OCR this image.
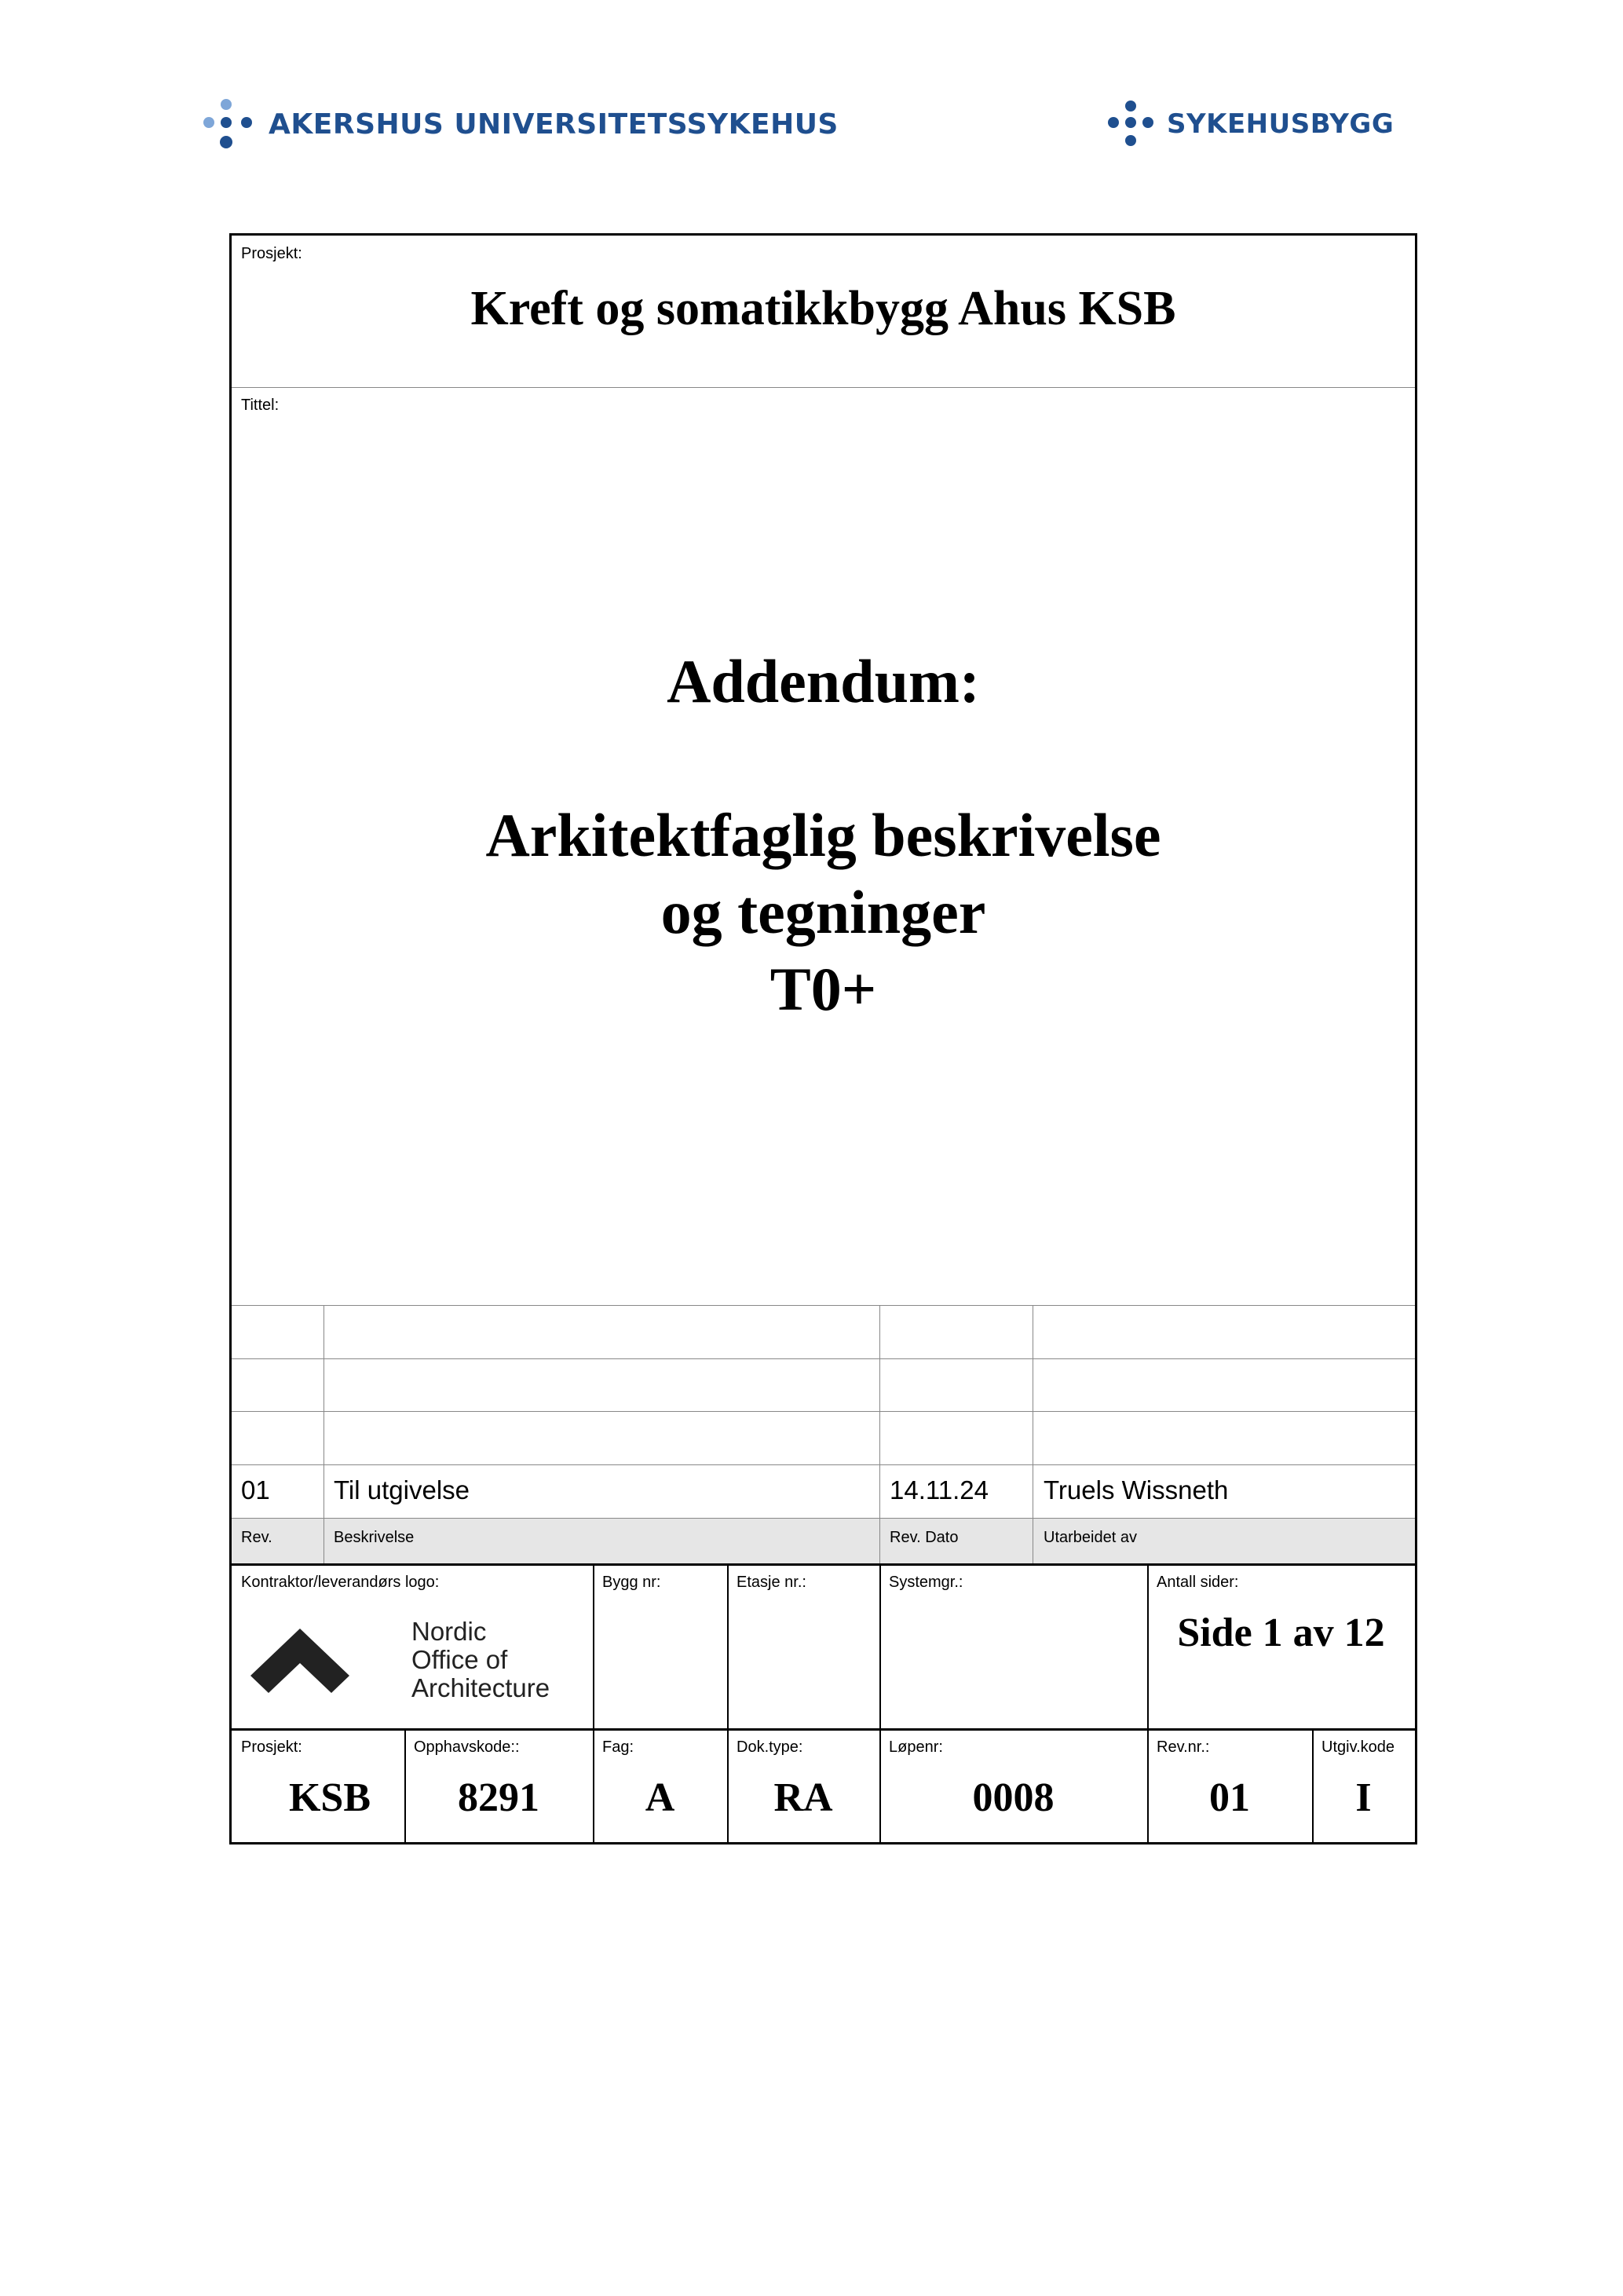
AKERSHUS UNIVERSITETSSYKEHUS	SYKEHUSBYGG
Prosjekt:
Kreft og somatikkbygg Ahus KSB
Tittel:
Addendum:
Arkitektfaglig beskrivelse
og tegninger
T0+
01 Til utgivelse	14.11.24 Truels Wissneth
Rev.	Beskrivelse	Rev. Dato	Utarbeidet av
Kontraktor/leverandørs logo:
Nordic
Office of
Architecture
Bygg nr:	Etasje nr.:	Systemgr.:	Antall sider:
Side 1 av 12
Prosjekt:
KSB
Opphavskode::
8291
Fag:
A
Dok.type:
RA
Løpenr:
0008
Rev.nr.:
01
Utgiv.kode
I
